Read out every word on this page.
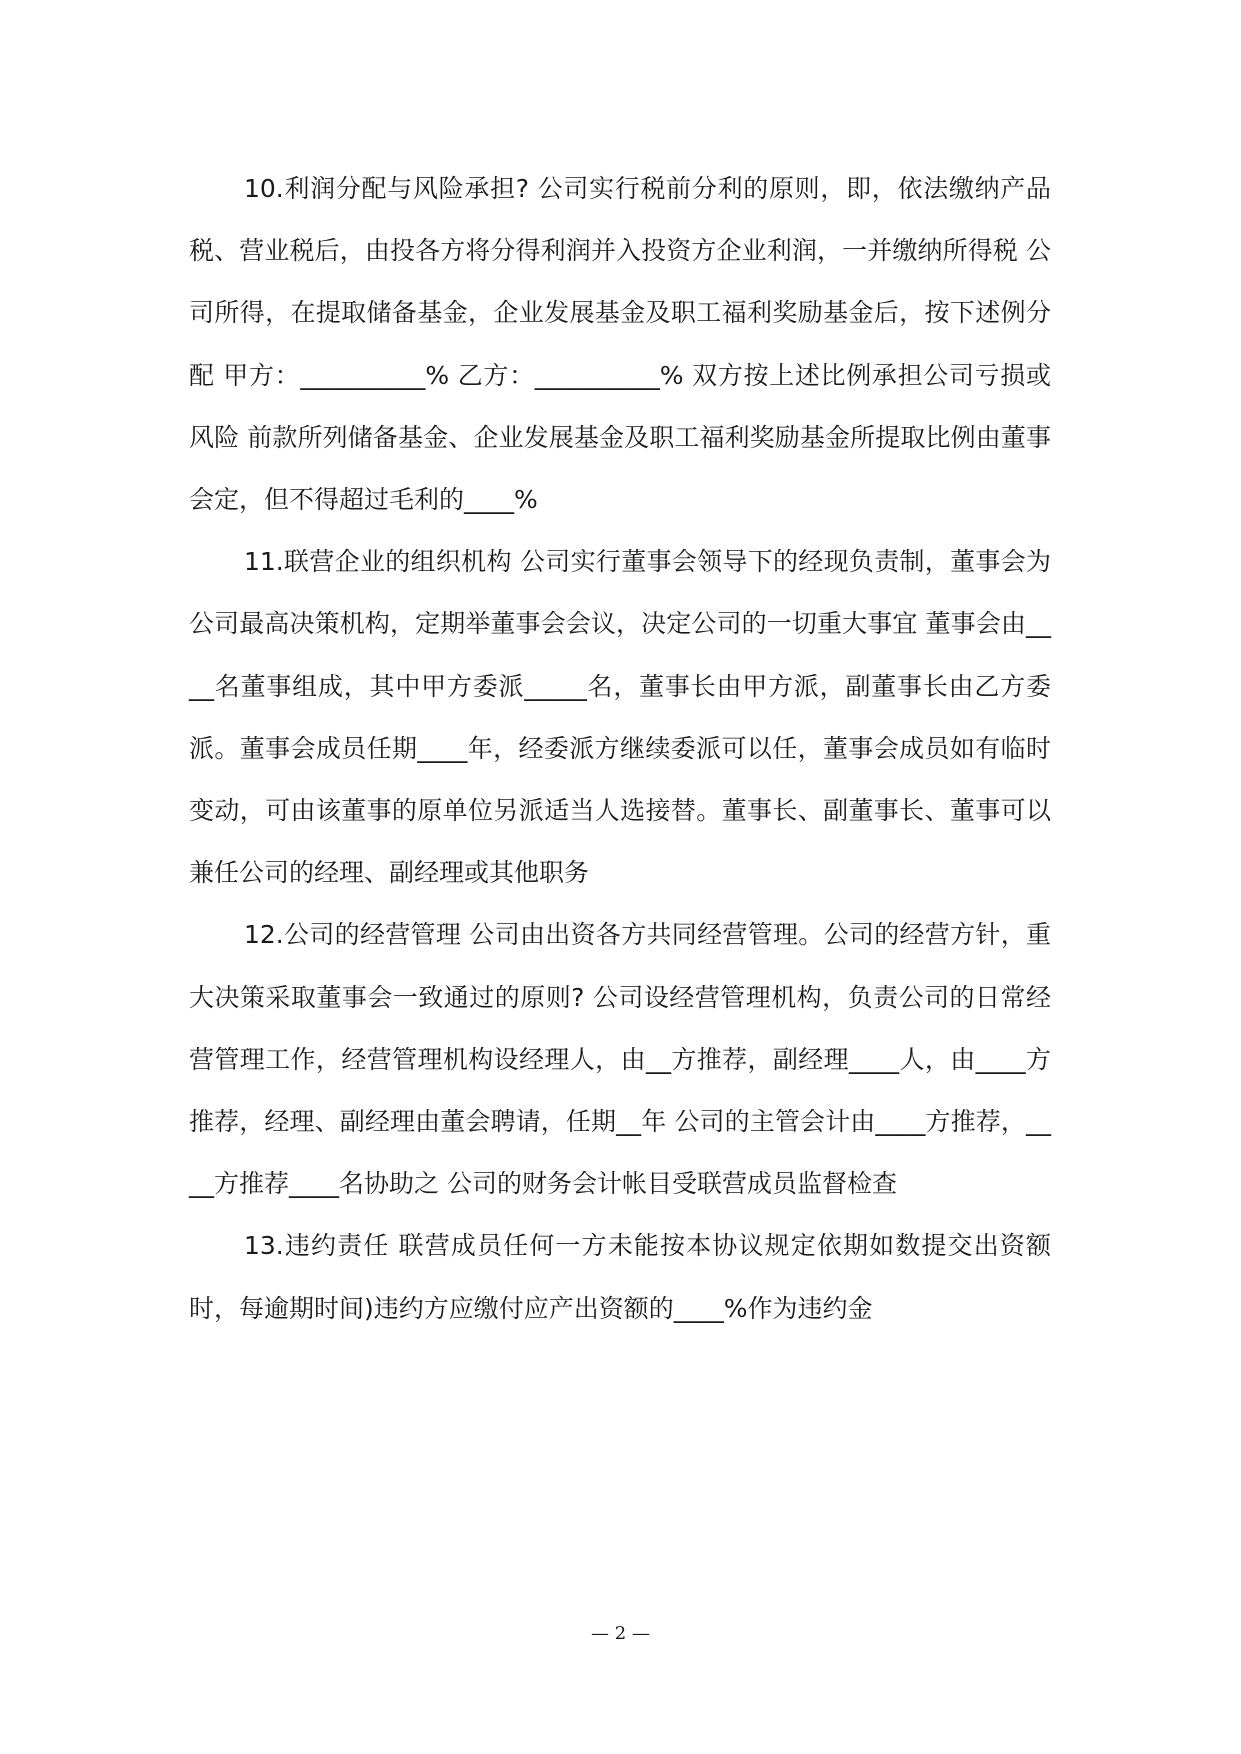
10.利润分配与风险承担? 公司实行税前分利的原则，即，依法缴纳产品税、营业税后，由投各方将分得利润并入投资方企业利润，一并缴纳所得税 公司所得，在提取储备基金，企业发展基金及职工福利奖励基金后，按下述例分配 甲方：__________% 乙方：__________% 双方按上述比例承担公司亏损或风险 前款所列储备基金、企业发展基金及职工福利奖励基金所提取比例由董事会定，但不得超过毛利的____%

11.联营企业的组织机构 公司实行董事会领导下的经现负责制，董事会为公司最高决策机构，定期举董事会会议，决定公司的一切重大事宜 董事会由____名董事组成，其中甲方委派_____名，董事长由甲方派，副董事长由乙方委派。董事会成员任期____年，经委派方继续委派可以任，董事会成员如有临时变动，可由该董事的原单位另派适当人选接替。董事长、副董事长、董事可以兼任公司的经理、副经理或其他职务

12.公司的经营管理 公司由出资各方共同经营管理。公司的经营方针，重大决策采取董事会一致通过的原则? 公司设经营管理机构，负责公司的日常经营管理工作，经营管理机构设经理人，由__方推荐，副经理____人，由____方推荐，经理、副经理由董会聘请，任期__年 公司的主管会计由____方推荐，____方推荐____名协助之 公司的财务会计帐目受联营成员监督检查

13.违约责任 联营成员任何一方未能按本协议规定依期如数提交出资额时，每逾期时间)违约方应缴付应产出资额的____%作为违约金

— 2 —
